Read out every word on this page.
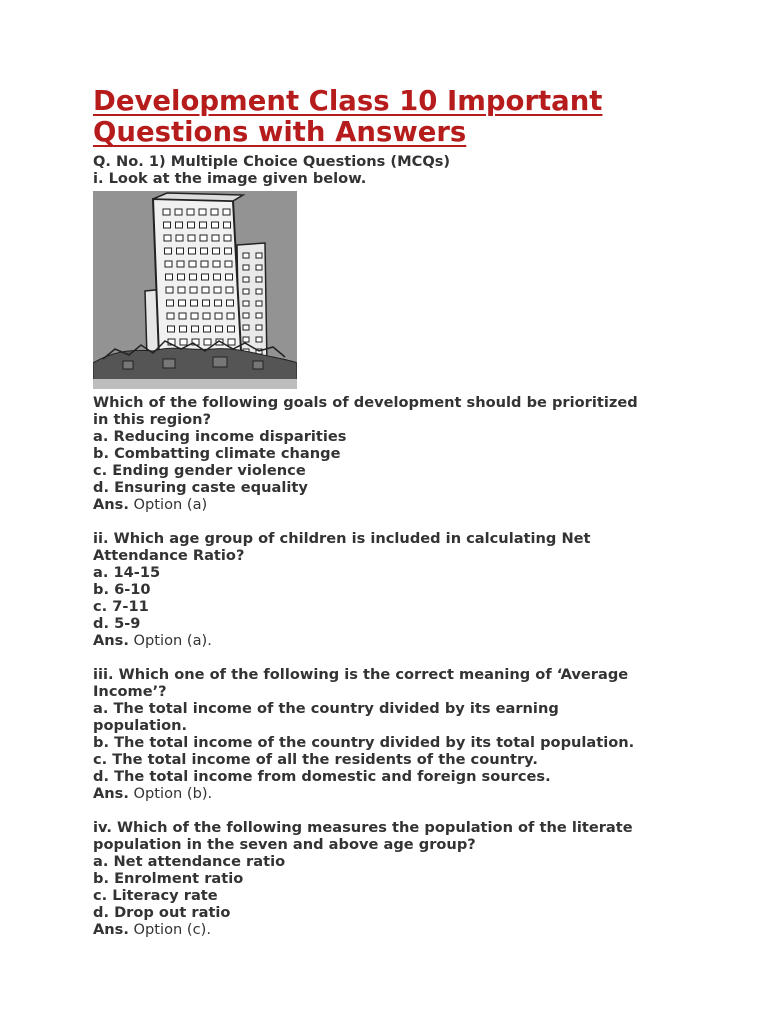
Development Class 10 Important Questions with Answers

Q. No. 1) Multiple Choice Questions (MCQs)

i. Look at the image given below.

Which of the following goals of development should be prioritized

in this region?

a. Reducing income disparities

b. Combatting climate change

c. Ending gender violence

d. Ensuring caste equality

Ans. Option (a)

ii. Which age group of children is included in calculating Net

Attendance Ratio?

a. 14-15

b. 6-10

c. 7-11

d. 5-9

Ans. Option (a).

iii. Which one of the following is the correct meaning of ‘Average

Income’?

a. The total income of the country divided by its earning

population.

b. The total income of the country divided by its total population.

c. The total income of all the residents of the country.

d. The total income from domestic and foreign sources.

Ans. Option (b).

iv. Which of the following measures the population of the literate

population in the seven and above age group?

a. Net attendance ratio

b. Enrolment ratio

c. Literacy rate

d. Drop out ratio

Ans. Option (c).
